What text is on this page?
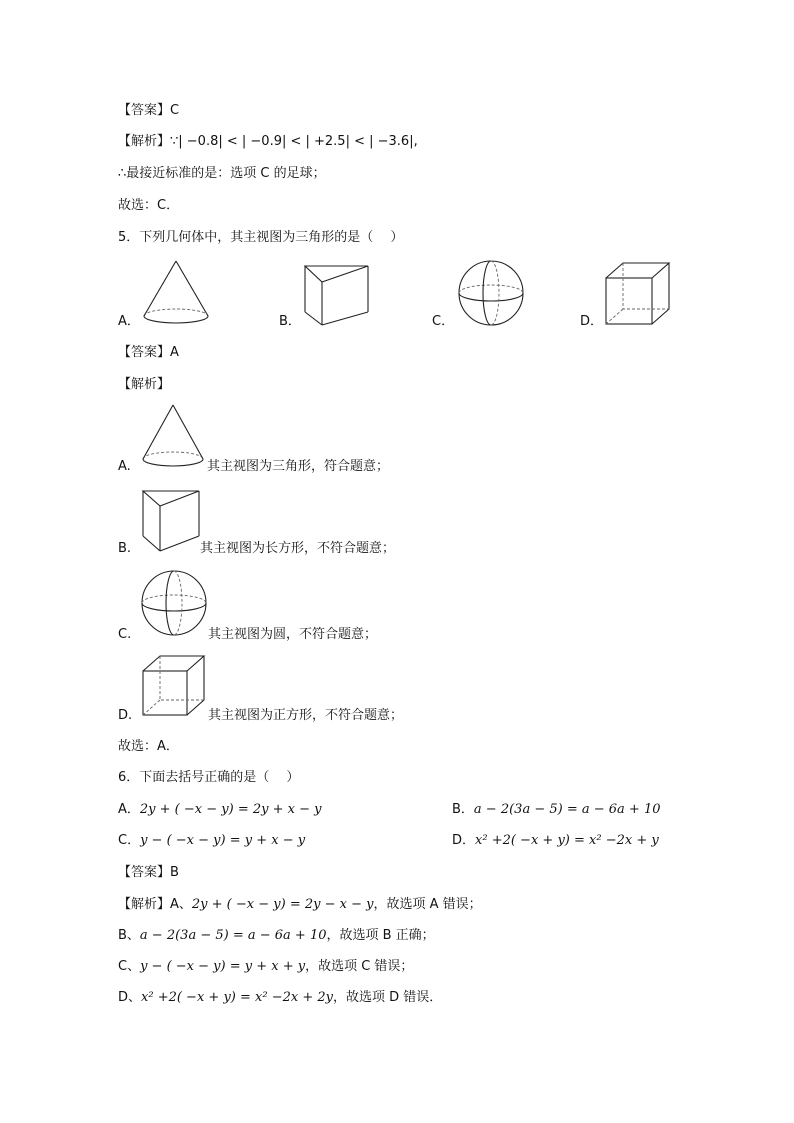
【答案】C
【解析】∵| −0.8| < | −0.9| < | +2.5| < | −3.6|,
∴最接近标准的是：选项 C 的足球；
故选：C．
5．下列几何体中，其主视图为三角形的是（　 ）
A．	B．	C．	D．
【答案】A
【解析】
A.	其主视图为三角形，符合题意；
B.	其主视图为长方形，不符合题意；
C.	其主视图为圆，不符合题意；
D.	其主视图为正方形，不符合题意；
故选：A．
6．下面去括号正确的是（　 ）
A．2y + ( −x − y) = 2y + x − y	B．a − 2(3a − 5) = a − 6a + 10
C．y − ( −x − y) = y + x − y	D．x² +2( −x + y) = x² −2x + y
【答案】B
【解析】A、2y + ( −x − y) = 2y − x − y，故选项 A 错误；
B、a − 2(3a − 5) = a − 6a + 10，故选项 B 正确；
C、y − ( −x − y) = y + x + y，故选项 C 错误；
D、x² +2( −x + y) = x² −2x + 2y，故选项 D 错误．
